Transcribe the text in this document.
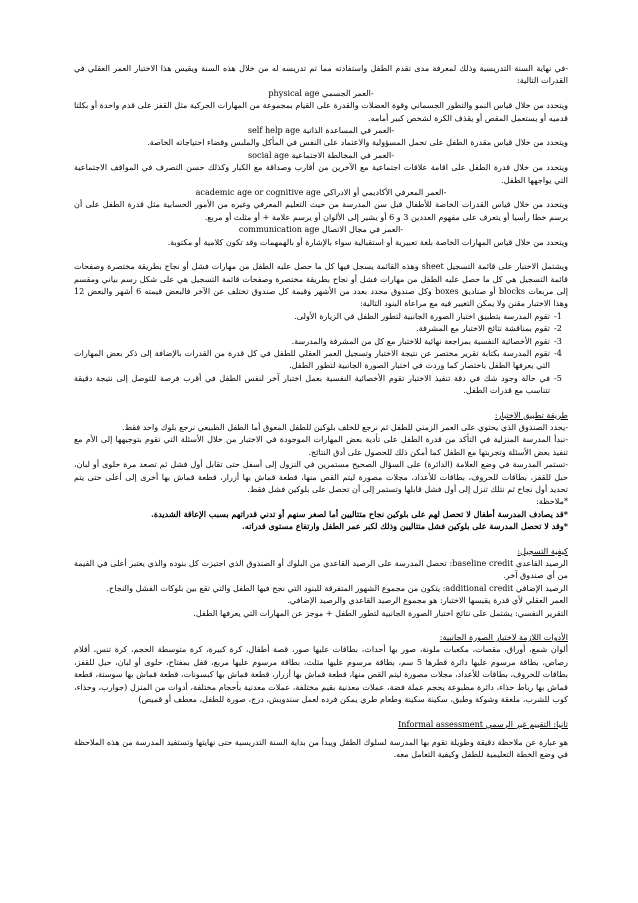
-في نهاية السنة التدريسية وذلك لمعرفة مدى تقدم الطفل واستفادته مما تم تدريسه له من خلال هذه السنة ويقيس هذا الاختبار العمر العقلي في القدرات التالية:

-العمر الجسمي physical age

ويتحدد من خلال قياس النمو والتطور الجسماني وقوة العضلات والقدرة على القيام بمجموعة من المهارات الحركية مثل القفز على قدم واحدة أو بكلتا قدميه أو يستعمل المقص أو يقذف الكرة لشخص كبير أمامه.

-العمر في المساعدة الذاتية self help age

ويتحدد من خلال قياس مقدرة الطفل على تحمل المسؤولية والاعتماد على النفس في المأكل والملبس وقضاء احتياجاته الخاصة.

-العمر في المخالطة الاجتماعية social age

ويتحدد من خلال قدرة الطفل على اقامة علاقات اجتماعية مع الآخرين من أقارب وصداقة مع الكبار وكذلك حسن التصرف في المواقف الاجتماعية التي يواجهها الطفل.

-العمر المعرفي الأكاديمي أو الادراكي academic age or cognitive age

ويتحدد من خلال قياس القدرات الخاصة للأطفال قبل سن المدرسة من حيث التعليم المعرفي وغيره من الأمور الحسابية مثل قدرة الطفل على أن يرسم خطا رأسيا أو يتعرف على مفهوم العددين 3 و 6 أو يشير إلى الألوان أو يرسم علامة + أو مثلث أو مربع.

-العمر في مجال الاتصال communication age

ويتحدد من خلال قياس المهارات الخاصة بلغة تعبيرية أو استقبالية سواء بالإشارة أو بالهمهمات وقد تكون كلامية أو مكتوبة.

ويشتمل الاختبار على قائمة التسجيل sheet وهذه القائمة يسجل فيها كل ما حصل عليه الطفل من مهارات فشل أو نجاح بطريقة مختصرة وصفحات قائمة التسجيل هي كل ما حصل عليه الطفل من مهارات فشل أو نجاح بطريقة مختصرة وصفحات قائمة التسجيل هي على شكل رسم بياني ومقسم إلى مربعات blocks أو صناديق boxes وكل صندوق محدد بعدد من الأشهر وقيمة كل صندوق تختلف عن الآخر فالبعض قيمته 6 أشهر والبعض 12 وهذا الاختبار مقنن ولا يمكن التغيير فيه مع مراعاة البنود التالية:

-1
تقوم المدرسة بتطبيق اختبار الصورة الجانبية لتطور الطفل في الزيارة الأولى.
-2
تقوم بمناقشة نتائج الاختبار مع المشرفة.
-3
تقوم الأخصائية النفسية بمراجعة نهائية للاختبار مع كل من المشرفة والمدرسة.
-4
تقوم المدرسة بكتابة تقرير مختصر عن نتيجة الاختبار وتسجيل العمر العقلي للطفل في كل قدرة من القدرات بالإضافة إلى ذكر بعض المهارات التي يعرفها الطفل باختصار كما وردت في اختبار الصورة الجانبية لتطور الطفل.
-5
في حالة وجود شك في دقة تنفيذ الاختبار تقوم الأخصائية النفسية بعمل اختبار آخر لنفس الطفل في أقرب فرصة للتوصل إلى نتيجة دقيقة تتناسب مع قدرات الطفل.

طريقة تطبيق الاختبار:

-يحدد الصندوق الذي يحتوي على العمر الزمني للطفل ثم نرجع للخلف بلوكين للطفل المعوق أما الطفل الطبيعي نرجع بلوك واحد فقط.

-نبدأ المدرسة المنزلية في التأكد من قدرة الطفل على تأدية بعض المهارات الموجودة في الاختبار من خلال الأسئلة التي تقوم بتوجيهها إلى الأم مع تنفيذ بعض الأسئلة وتجربتها مع الطفل كما أمكن ذلك للحصول على أدق النتائج.

-تستمر المدرسة في وضع العلامة (الدائرة) على السؤال الصحيح مستمرين في النزول إلى أسفل حتى تقابل أول فشل ثم تصعد مرة حلوى أو لبان، حبل للقفز، بطاقات للحروف، بطاقات للأعداد، مجلات مصورة ليتم القص منها، قطعة قماش بها أزرار، قطعة قماش بها أخرى إلى أعلى حتى يتم تحديد أول نجاح ثم نتلك تنزل إلى أول فشل قابلها وتستمر إلى أن تحصل على بلوكين فشل فقط.

*ملاحظة:

*قد يصادف المدرسة أطفال لا تحصل لهم على بلوكين نجاح متتاليين أما لصغر سنهم أو تدني قدراتهم بسبب الإعاقة الشديدة.

*وقد لا تحصل المدرسة على بلوكين فشل متتاليين وذلك لكبر عمر الطفل وارتفاع مستوى قدراته.

كيفية التسجيل:

الرصيد القاعدي baseline credit: تحصل المدرسة على الرصيد القاعدي من البلوك أو الصندوق الذي اجتيزت كل بنوده والذي يعتبر أعلى في القيمة من أي صندوق آخر.

الرصيد الإضافي additional credit: يتكون من مجموع الشهور المتفرقة للبنود التي نجح فيها الطفل والتي تقع بين بلوكات الفشل والنجاح.

العمر العقلي لأي قدرة يقيسها الاختبار: هو مجموع الرصيد القاعدي والرصيد الإضافي.

التقرير النفسي: يشتمل على نتائج اختبار الصورة الجانبية لتطور الطفل + موجز عن المهارات التي يعرفها الطفل.

الأدوات اللازمة لاختبار الصورة الجانبية:

ألوان شمع، أوراق، مقصات، مكعبات ملونة، صور بها أحداث، بطاقات عليها صور، قصة أطفال، كرة كبيرة، كرة متوسطة الحجم، كرة تنس، أقلام رصاص، بطاقة مرسوم عليها دائرة قطرها 5 سم، بطاقة مرسوم عليها مثلث، بطاقة مرسوم عليها مربع، قفل بمفتاح، حلوى أو لبان، حبل للقفز، بطاقات للحروف، بطاقات للأعداد، مجلات مصورة ليتم القص منها، قطعة قماش بها أزرار، قطعة قماش بها كبسونات، قطعة قماش بها سوستة، قطعة قماش بها رباط حذاء، دائرة مطبوعة يحجم عملة فضة، عملات معدنية بقيم مختلفة، عملات معدنية بأحجام مختلفة، أدوات من المنزل (جوارب، وحذاء، كوب للشرب، ملعقة وشوكة وطبق، سكينة سكينة وطعام طري يمكن فرده لعمل سندويش، درج، صورة للطفل، معطف أو قميص)

ثانيا: التقييم غير الرسمي Informal assessment

هو عبارة عن ملاحظة دقيقة وطويلة تقوم بها المدرسة لسلوك الطفل ويبدأ من بداية السنة التدريسية حتى نهايتها وتستفيد المدرسة من هذه الملاحظة في وضع الخطة التعليمية للطفل وكيفية التعامل معه.
